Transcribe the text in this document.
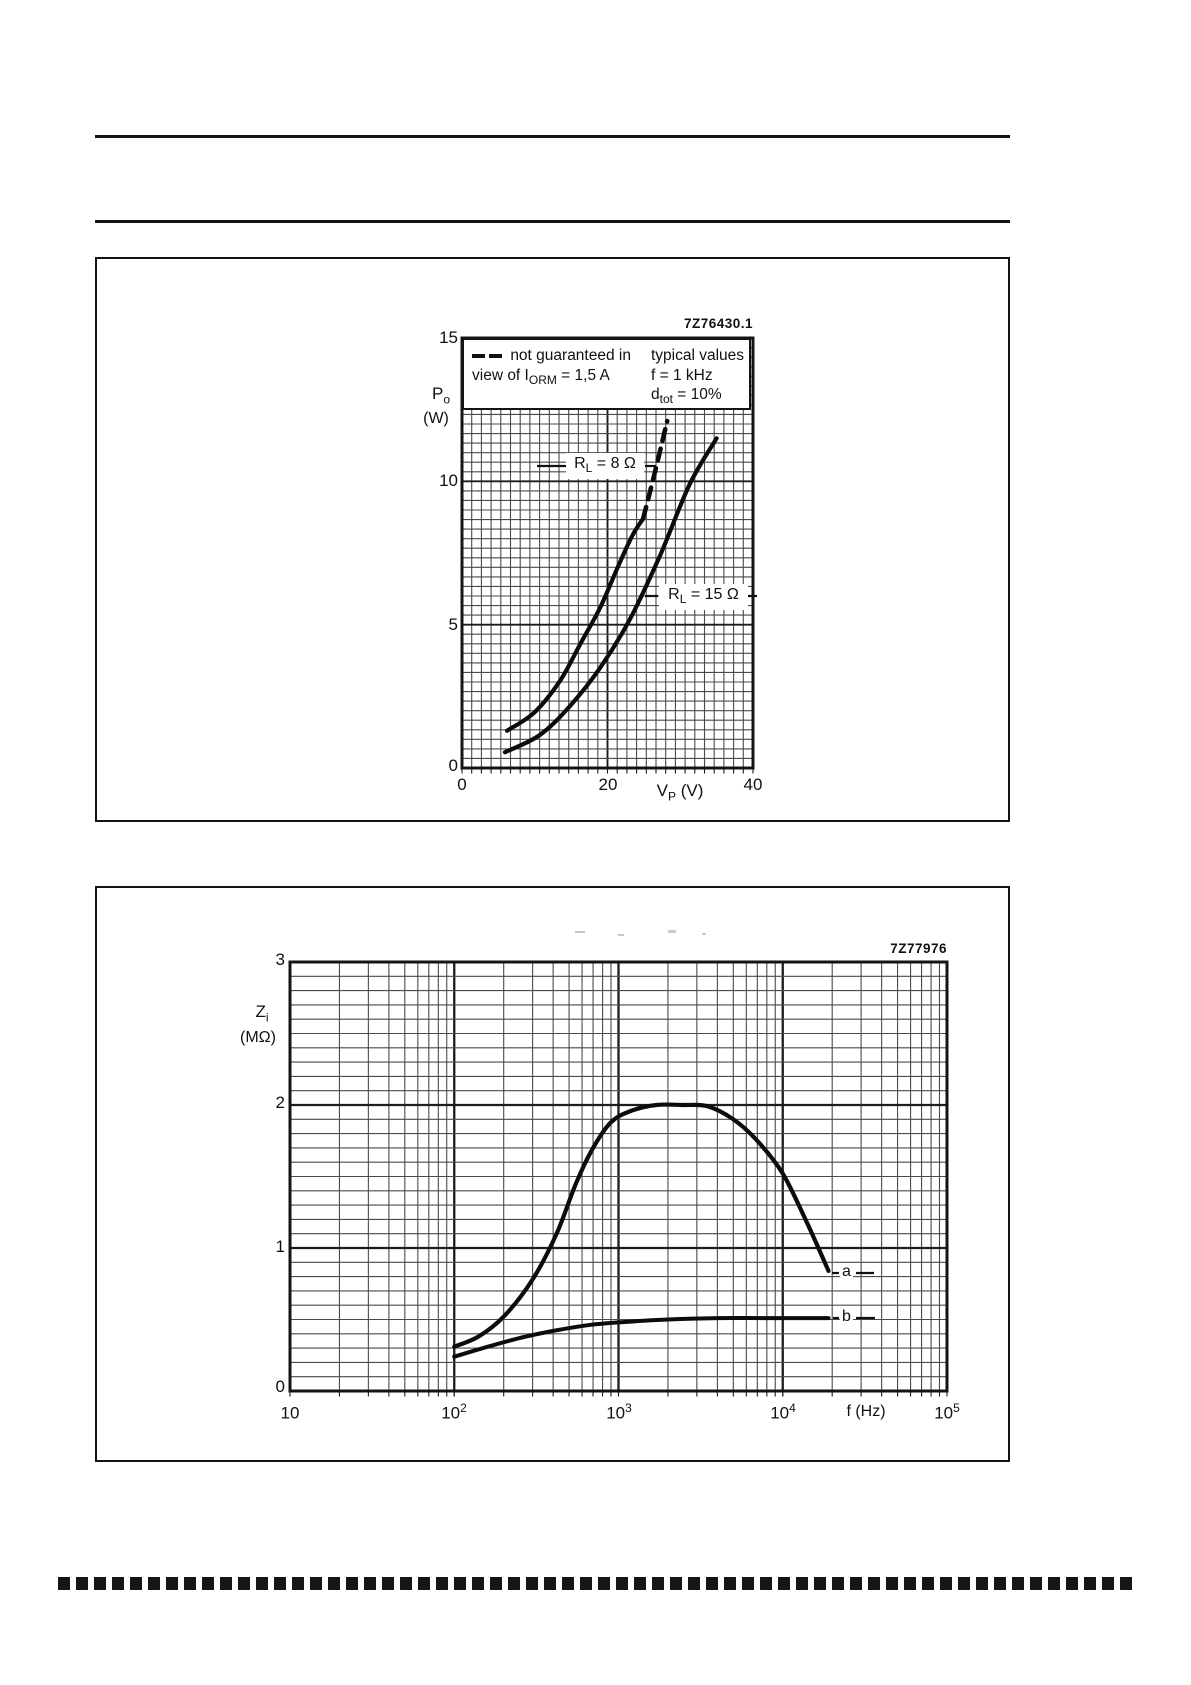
7Z76430.1
15
$P_o$
(W)
10
5
0
0	20	40
$V_P$ (V)
not guaranteed in
view of $I_{ORM} = 1,5$ A
typical values
f = 1 kHz
$d_{tot} = 10\%$
$R_L = 8$ Ω
$R_L = 15$ Ω
7Z77976
3
$Z_i$
(MΩ)
2
1
0
10	$10^2$	$10^3$	$10^4$	$10^5$
f (Hz)
a
b
